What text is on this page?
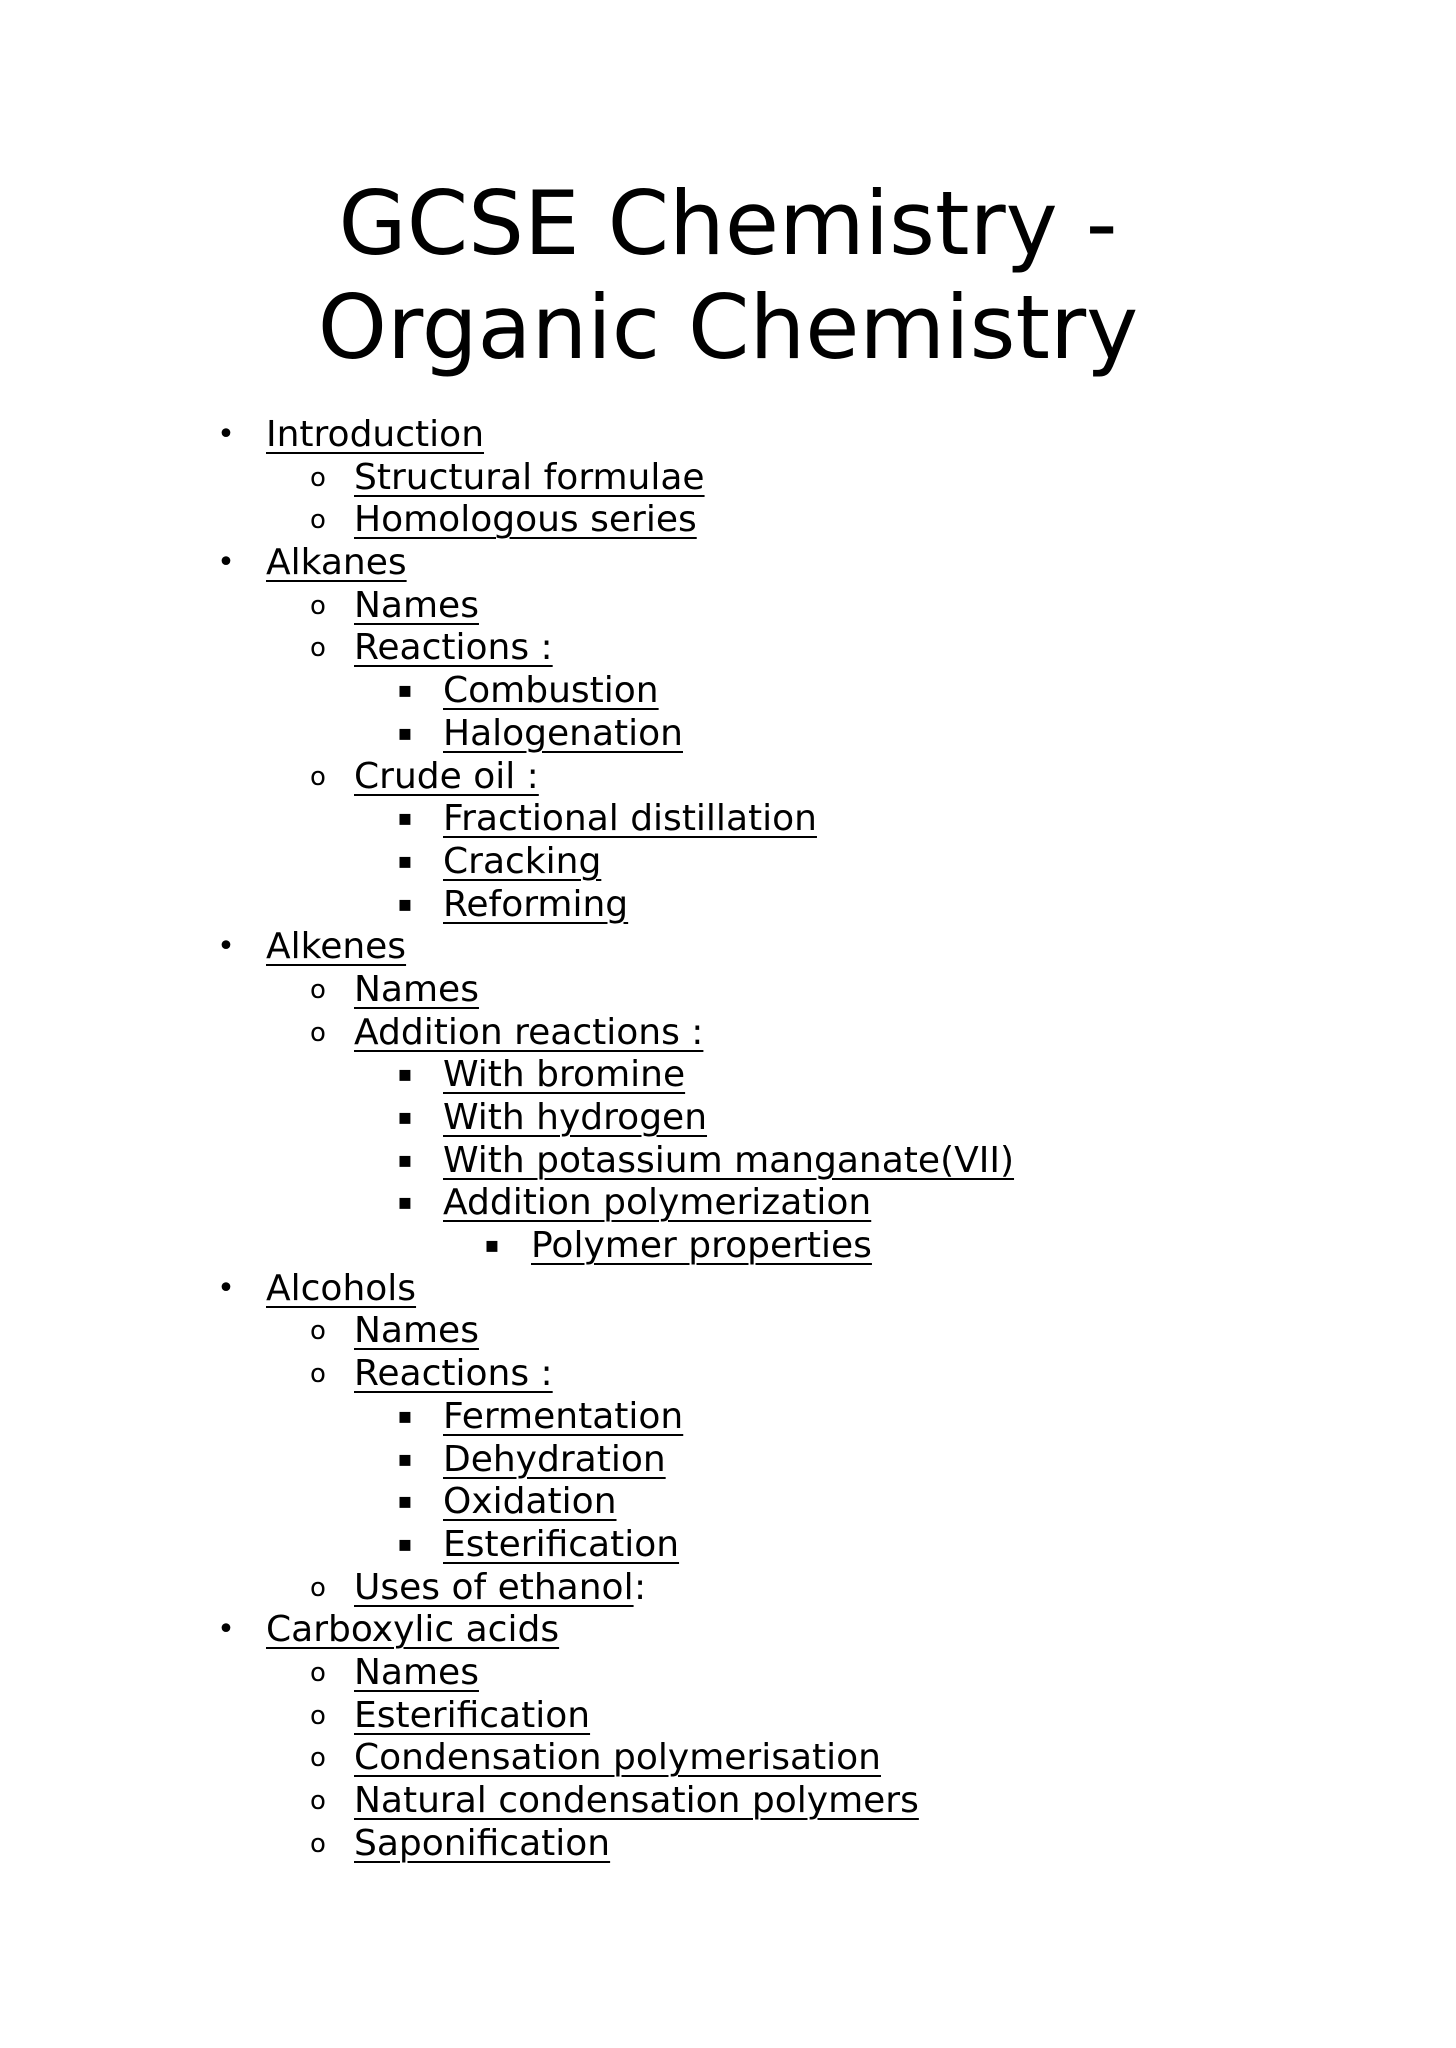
GCSE Chemistry -
Organic Chemistry
• Introduction
o Structural formulae
o Homologous series
• Alkanes
o Names
o Reactions :
▪ Combustion
▪ Halogenation
o Crude oil :
▪ Fractional distillation
▪ Cracking
▪ Reforming
• Alkenes
o Names
o Addition reactions :
▪ With bromine
▪ With hydrogen
▪ With potassium manganate(VII)
▪ Addition polymerization
▪ Polymer properties
• Alcohols
o Names
o Reactions :
▪ Fermentation
▪ Dehydration
▪ Oxidation
▪ Esterification
o Uses of ethanol :
• Carboxylic acids
o Names
o Esterification
o Condensation polymerisation
o Natural condensation polymers
o Saponification
